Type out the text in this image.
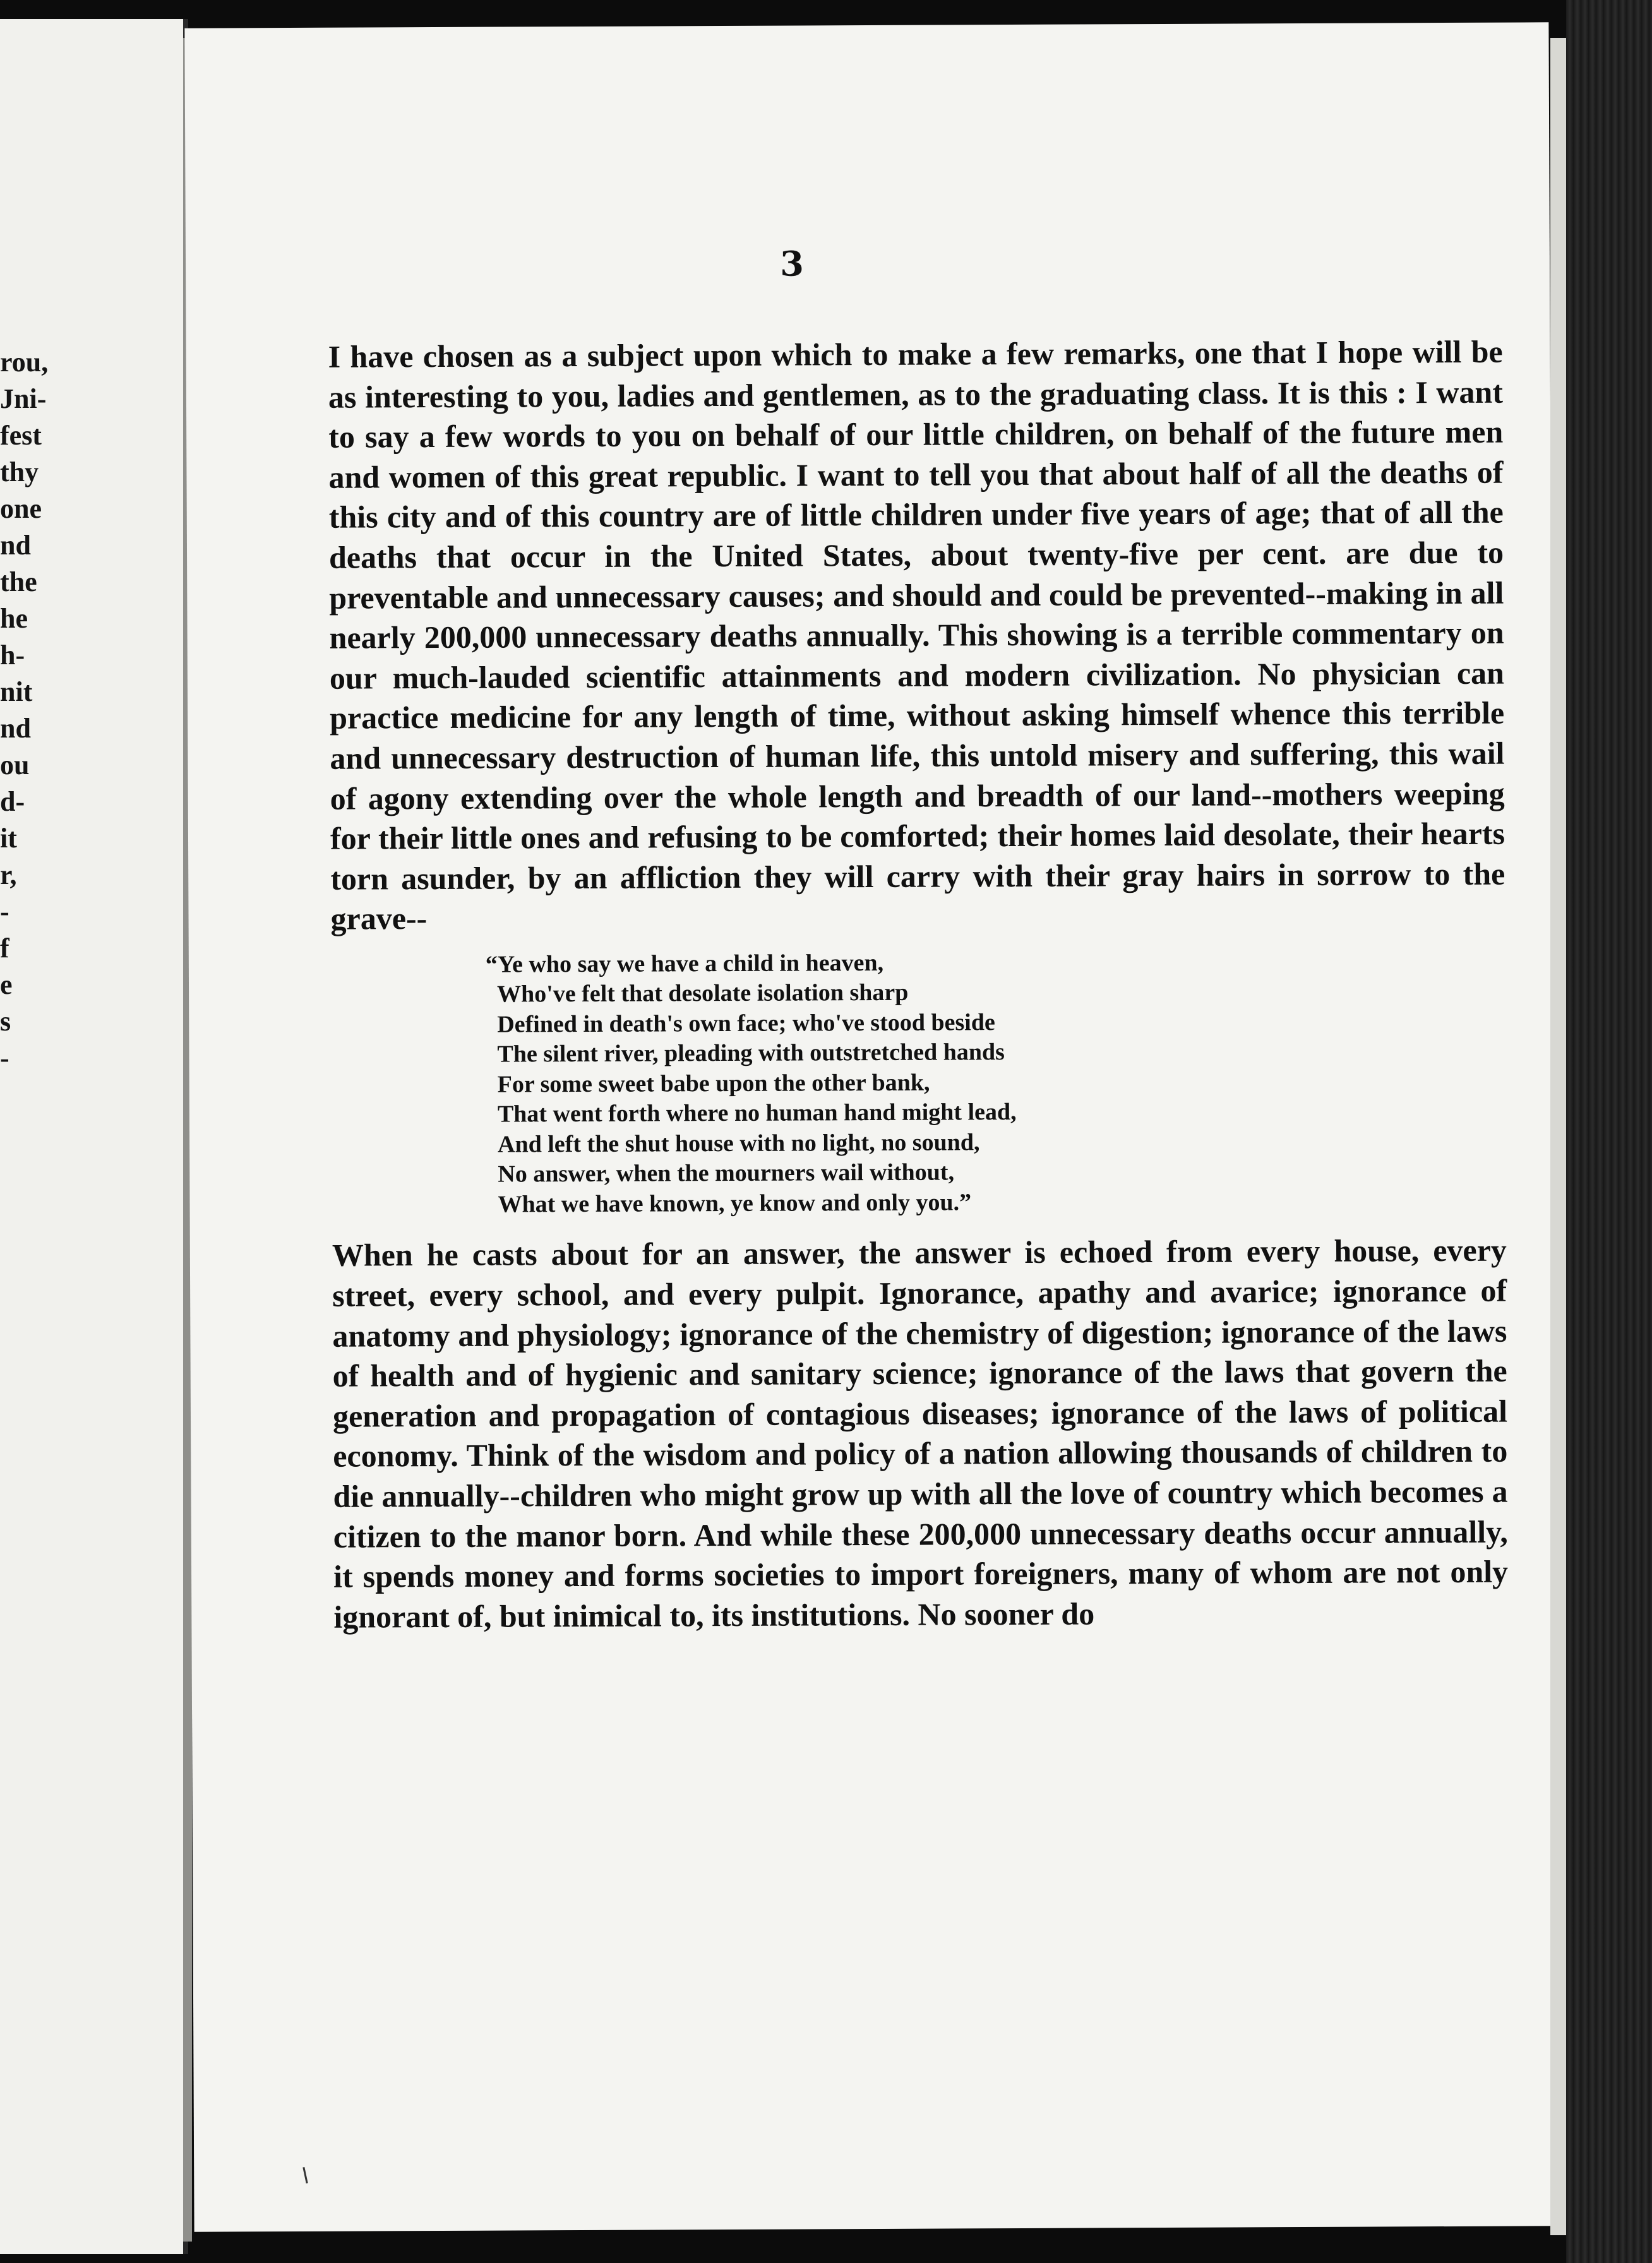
rou,
Jni-
fest
thy
one
nd
the
he
h-
nit
nd
ou
d-
it
r,
-
f
e
s
-
3

I have chosen as a subject upon which to make a few remarks, one that I hope will be as interesting to you, ladies and gentlemen, as to the graduating class. It is this : I want to say a few words to you on behalf of our little children, on behalf of the future men and women of this great republic. I want to tell you that about half of all the deaths of this city and of this country are of little children under five years of age; that of all the deaths that occur in the United States, about twenty-five per cent. are due to preventable and unnecessary causes; and should and could be prevented--making in all nearly 200,000 unnecessary deaths annually. This showing is a terrible commentary on our much-lauded scientific attainments and modern civilization. No physician can practice medicine for any length of time, without asking himself whence this terrible and unnecessary destruction of human life, this untold misery and suffering, this wail of agony extending over the whole length and breadth of our land--mothers weeping for their little ones and refusing to be comforted; their homes laid desolate, their hearts torn asunder, by an affliction they will carry with their gray hairs in sorrow to the grave--

“Ye who say we have a child in heaven,
Who've felt that desolate isolation sharp
Defined in death's own face; who've stood beside
The silent river, pleading with outstretched hands
For some sweet babe upon the other bank,
That went forth where no human hand might lead,
And left the shut house with no light, no sound,
No answer, when the mourners wail without,
What we have known, ye know and only you.”

When he casts about for an answer, the answer is echoed from every house, every street, every school, and every pulpit. Ignorance, apathy and avarice; ignorance of anatomy and physiology; ignorance of the chemistry of digestion; ignorance of the laws of health and of hygienic and sanitary science; ignorance of the laws that govern the generation and propagation of contagious diseases; ignorance of the laws of political economy. Think of the wisdom and policy of a nation allowing thousands of children to die annually--children who might grow up with all the love of country which becomes a citizen to the manor born. And while these 200,000 unnecessary deaths occur annually, it spends money and forms societies to import foreigners, many of whom are not only ignorant of, but inimical to, its institutions. No sooner do
